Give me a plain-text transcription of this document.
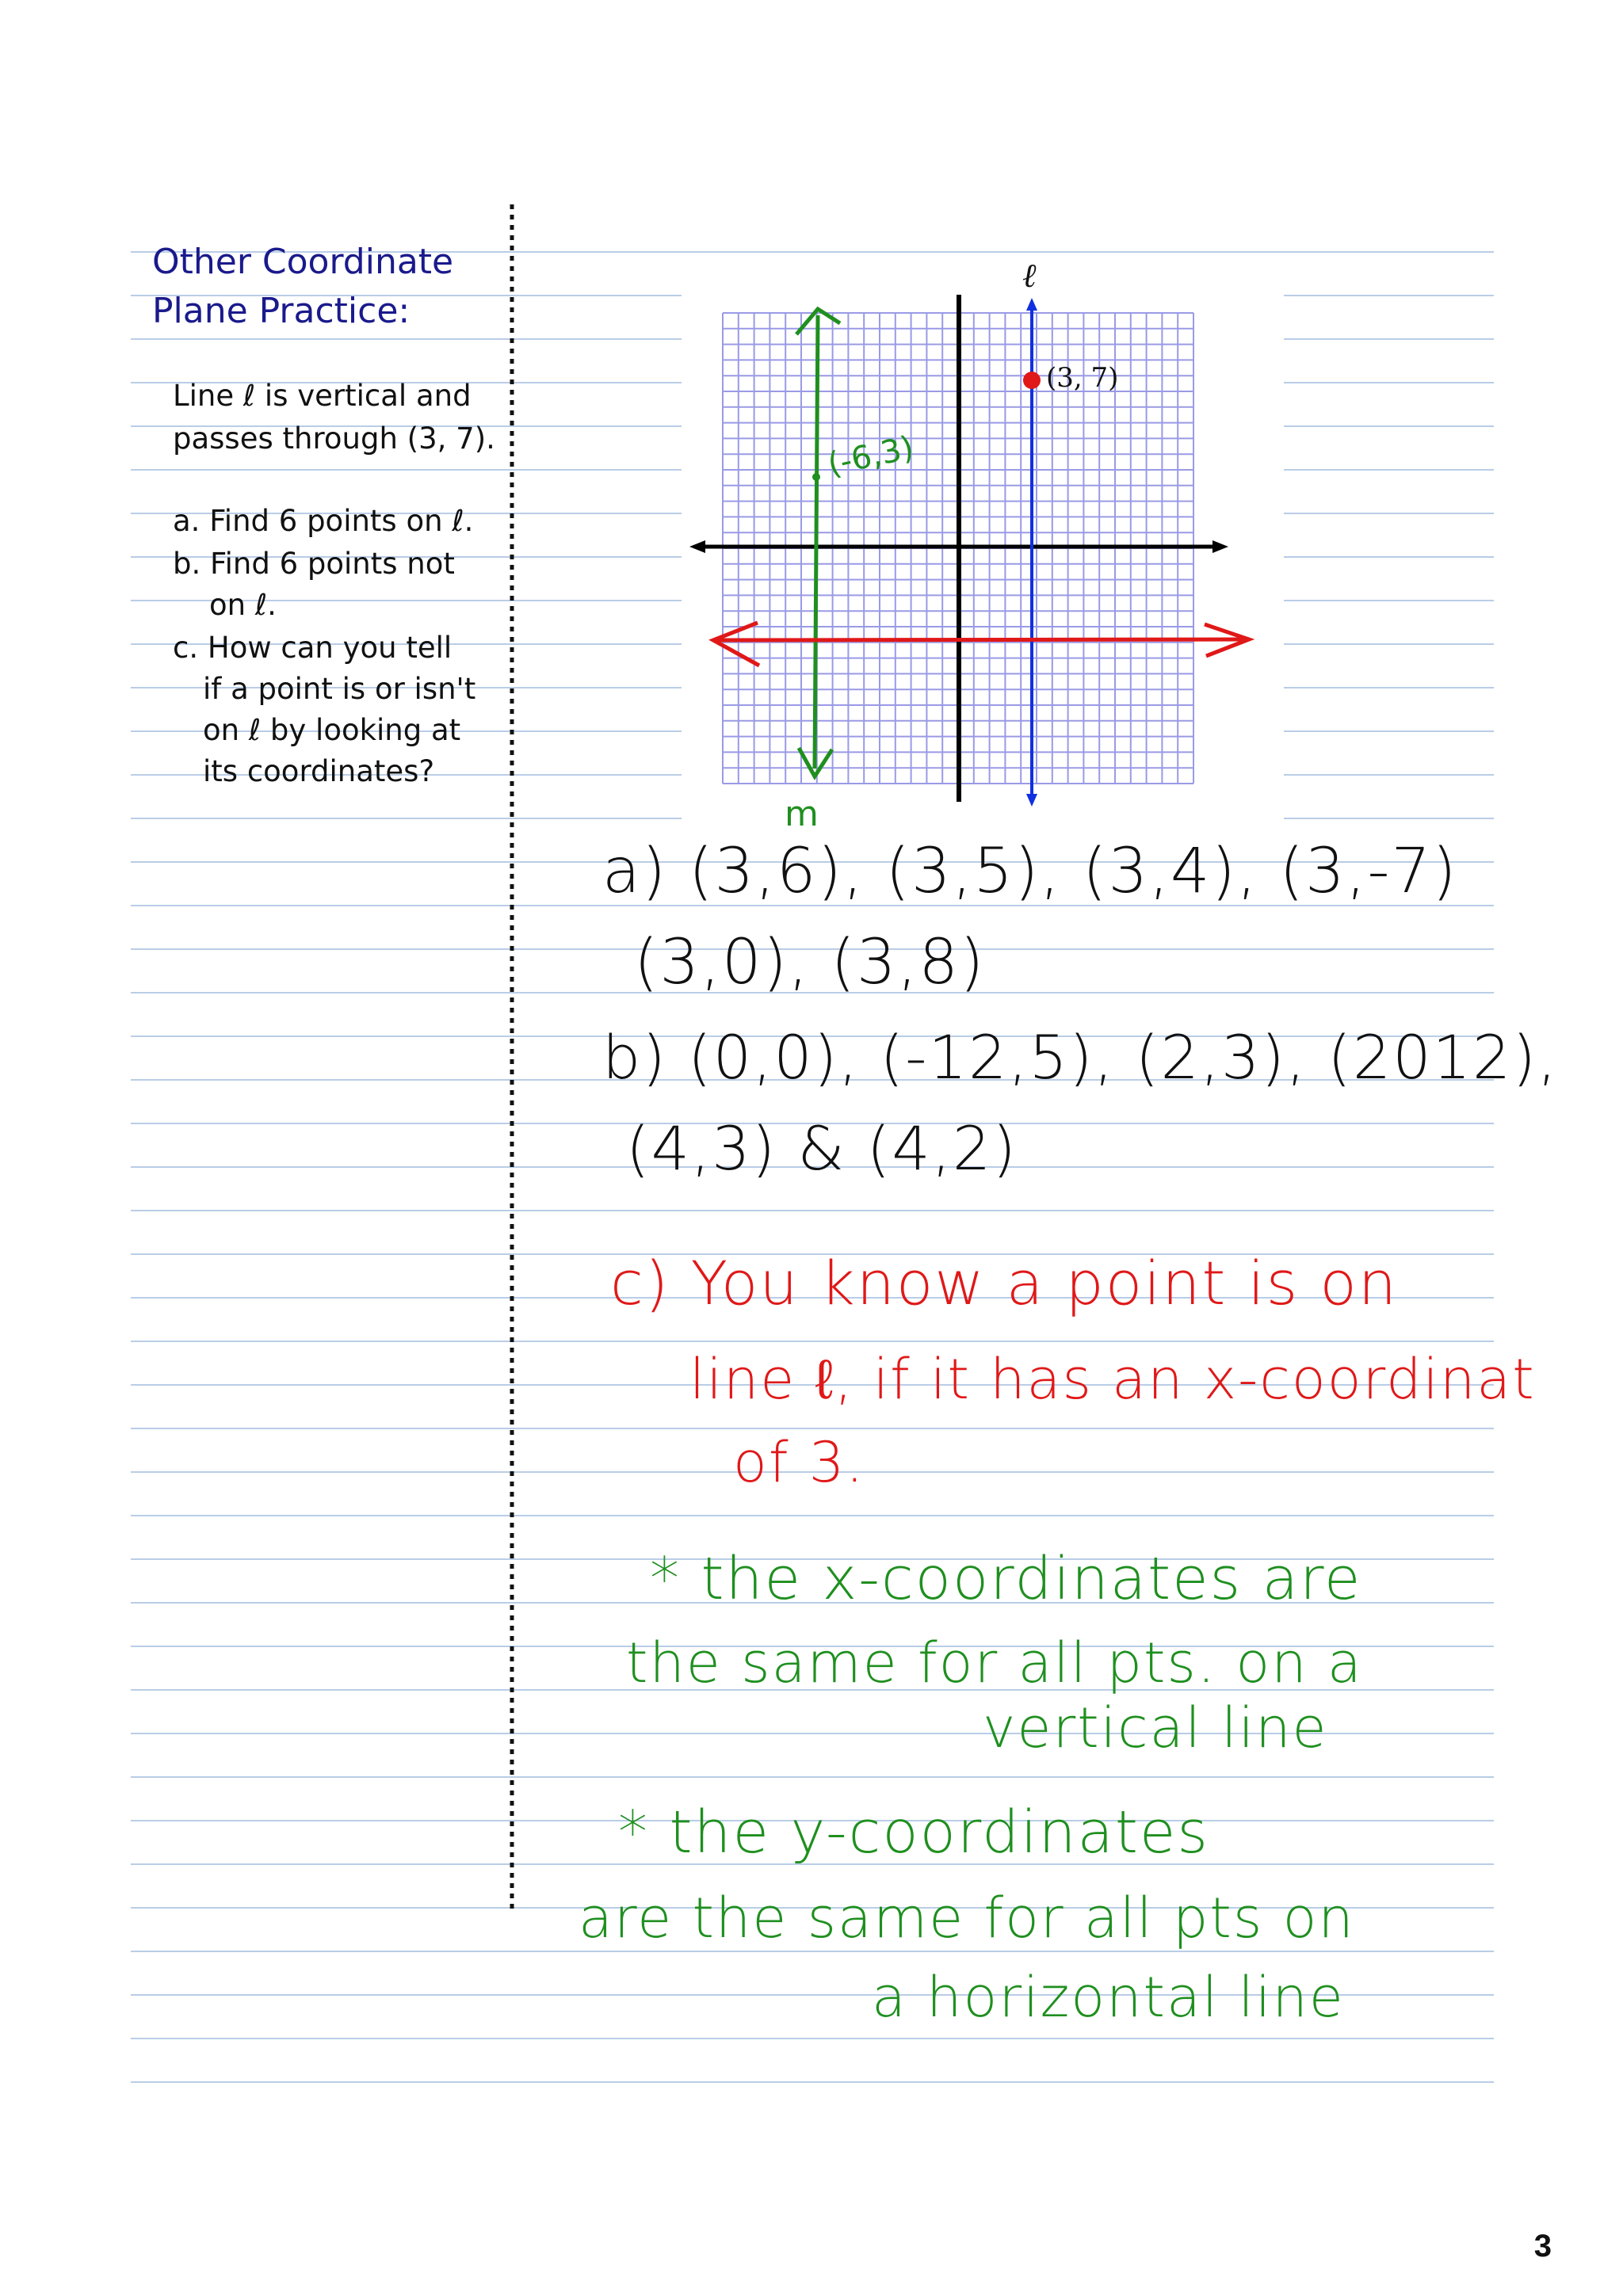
Other Coordinate
Plane Practice:
Line ℓ is vertical and
passes through (3, 7).
a. Find 6 points on ℓ.
b. Find 6 points not
on ℓ.
c. How can you tell
if a point is or isn't
on ℓ by looking at
its coordinates?
(3, 7)
ℓ
(-6,3)
m
a) (3,6), (3,5), (3,4), (3,-7)
(3,0), (3,8)
b) (0,0), (-12,5), (2,3), (2012),
(4,3) & (4,2)
c) You know a point is on
line ℓ, if it has an x-coordinat
of 3.
* the x-coordinates are
the same for all pts. on a
vertical line
* the y-coordinates
are the same for all pts on
a horizontal line
3
